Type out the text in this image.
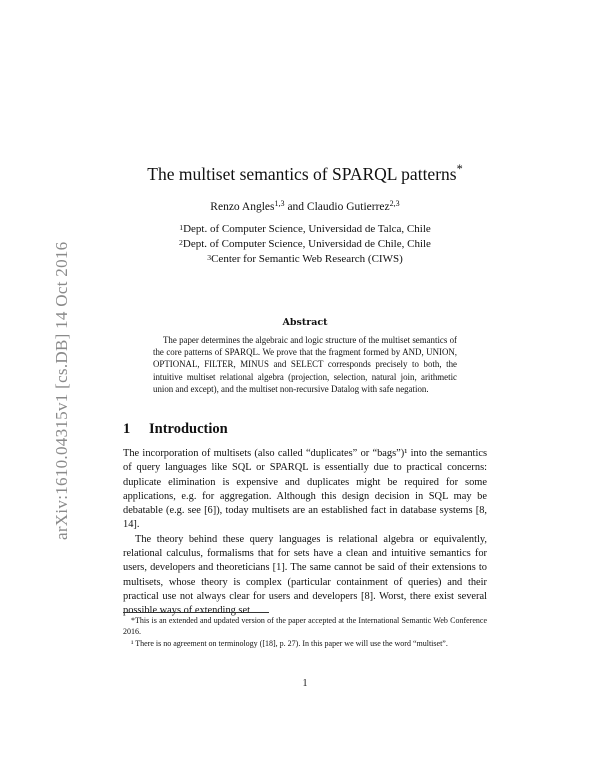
arXiv:1610.04315v1 [cs.DB] 14 Oct 2016
The multiset semantics of SPARQL patterns*
Renzo Angles$^{1,3}$ and Claudio Gutierrez$^{2,3}$
$^1$Dept. of Computer Science, Universidad de Talca, Chile
$^2$Dept. of Computer Science, Universidad de Chile, Chile
$^3$Center for Semantic Web Research (CIWS)
Abstract
The paper determines the algebraic and logic structure of the multiset semantics of the core patterns of SPARQL. We prove that the fragment formed by AND, UNION, OPTIONAL, FILTER, MINUS and SELECT corresponds precisely to both, the intuitive multiset relational algebra (projection, selection, natural join, arithmetic union and except), and the multiset non-recursive Datalog with safe negation.
1 Introduction

The incorporation of multisets (also called “duplicates” or “bags”)¹ into the semantics of query languages like SQL or SPARQL is essentially due to practical concerns: duplicate elimination is expensive and duplicates might be required for some applications, e.g. for aggregation. Although this design decision in SQL may be debatable (e.g. see [6]), today multisets are an established fact in database systems [8, 14].

The theory behind these query languages is relational algebra or equivalently, relational calculus, formalisms that for sets have a clean and intuitive semantics for users, developers and theoreticians [1]. The same cannot be said of their extensions to multisets, whose theory is complex (particular containment of queries) and their practical use not always clear for users and developers [8]. Worst, there exist several possible ways of extending set

*This is an extended and updated version of the paper accepted at the International Semantic Web Conference 2016.

¹ There is no agreement on terminology ([18], p. 27). In this paper we will use the word “multiset”.

1
